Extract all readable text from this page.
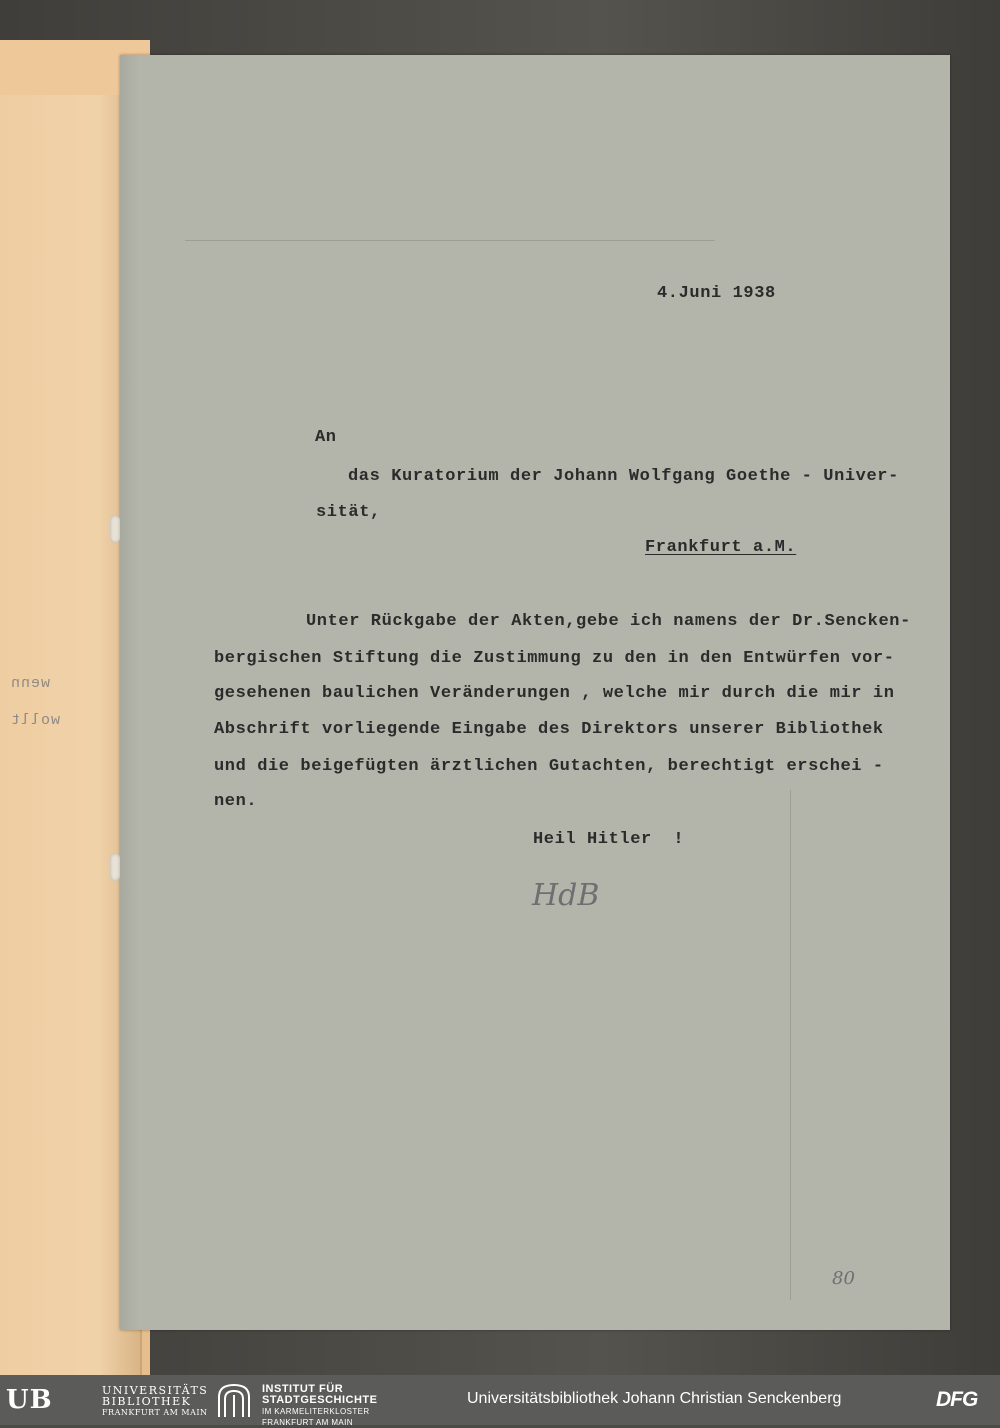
wenn
wollt
4.Juni 1938
An
das Kuratorium der Johann Wolfgang Goethe - Univer-
sität,
Frankfurt a.M.
Unter Rückgabe der Akten,gebe ich namens der Dr.Sencken-
bergischen Stiftung die Zustimmung zu den in den Entwürfen vor-
gesehenen baulichen Veränderungen , welche mir durch die mir in
Abschrift vorliegende Eingabe des Direktors unserer Bibliothek
und die beigefügten ärztlichen Gutachten, berechtigt erschei -
nen.
Heil Hitler  !
HdB
80
UB	UNIVERSITÄTS
BIBLIOTHEK
FRANKFURT AM MAIN
INSTITUT FÜR
STADTGESCHICHTE
IM KARMELITERKLOSTER
FRANKFURT AM MAIN
Universitätsbibliothek Johann Christian Senckenberg	DFG
